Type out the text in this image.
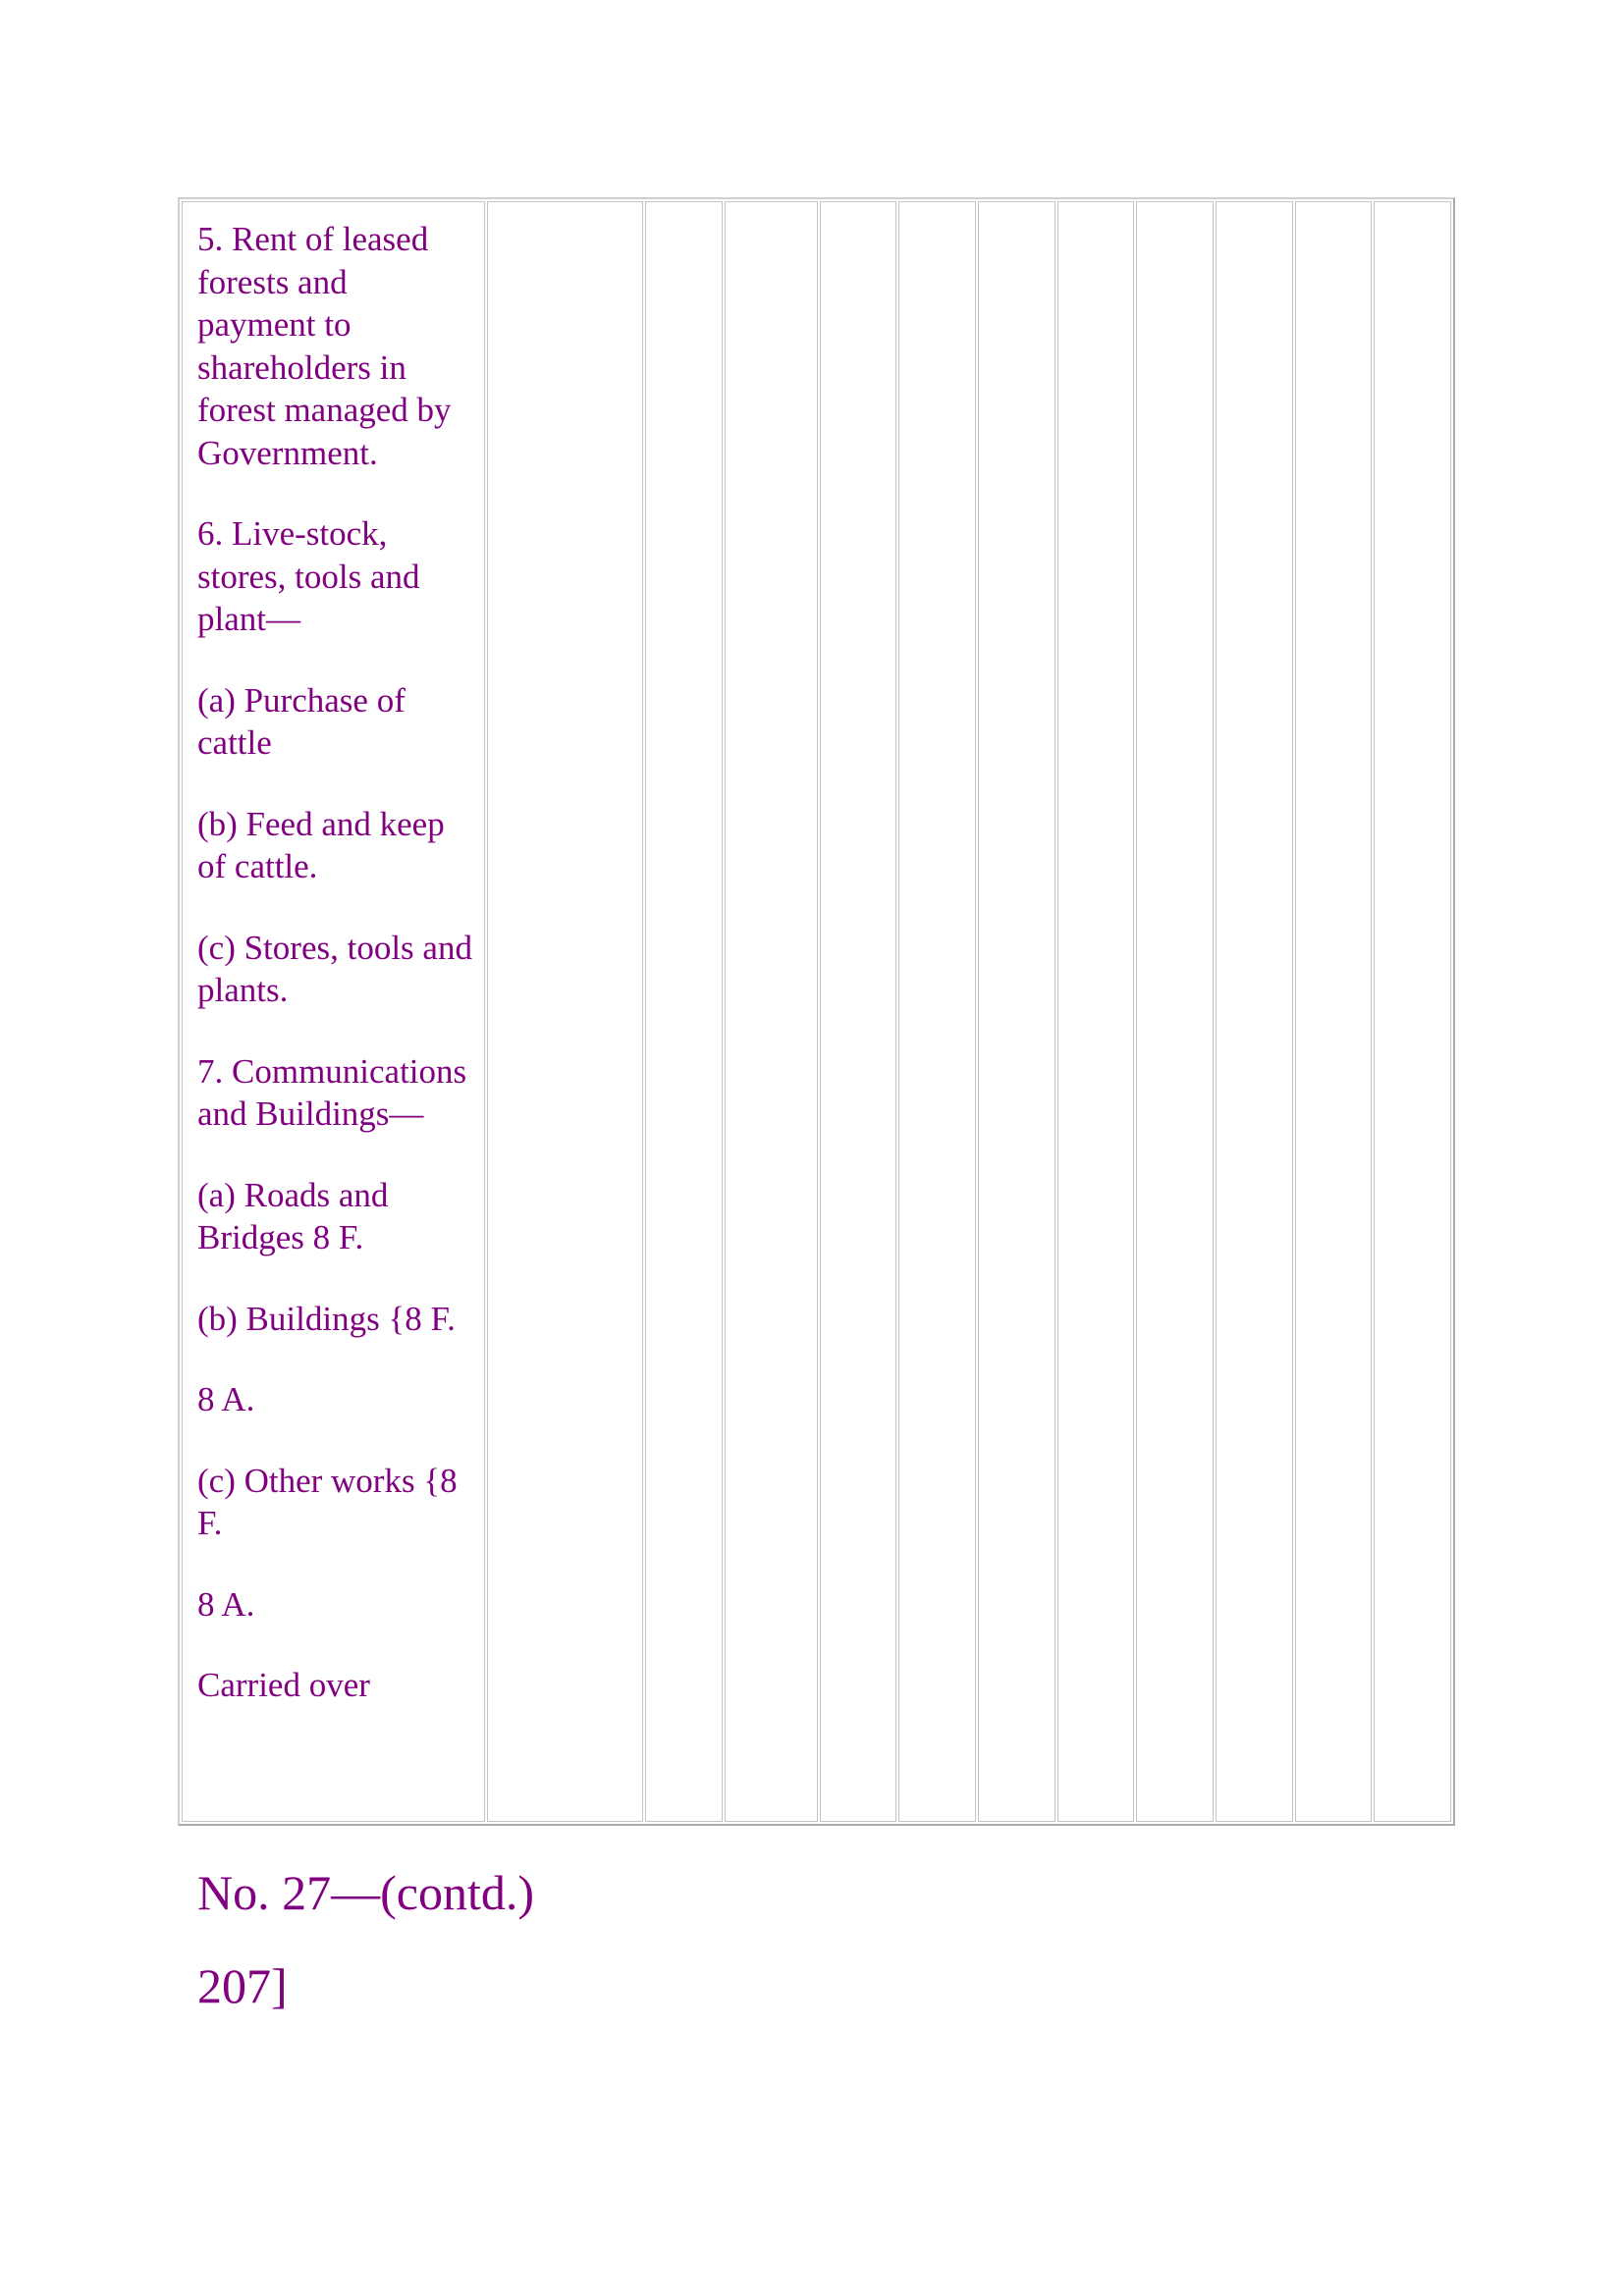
5. Rent of leased forests and payment to shareholders in forest managed by Government.
6. Live-stock, stores, tools and plant—
(a) Purchase of cattle
(b) Feed and keep of cattle.
(c) Stores, tools and plants.
7. Communications and Buildings—
(a) Roads and Bridges 8 F.
(b) Buildings {8 F.
8 A.
(c) Other works {8 F.
8 A.
Carried over

No. 27—(contd.)
207]
